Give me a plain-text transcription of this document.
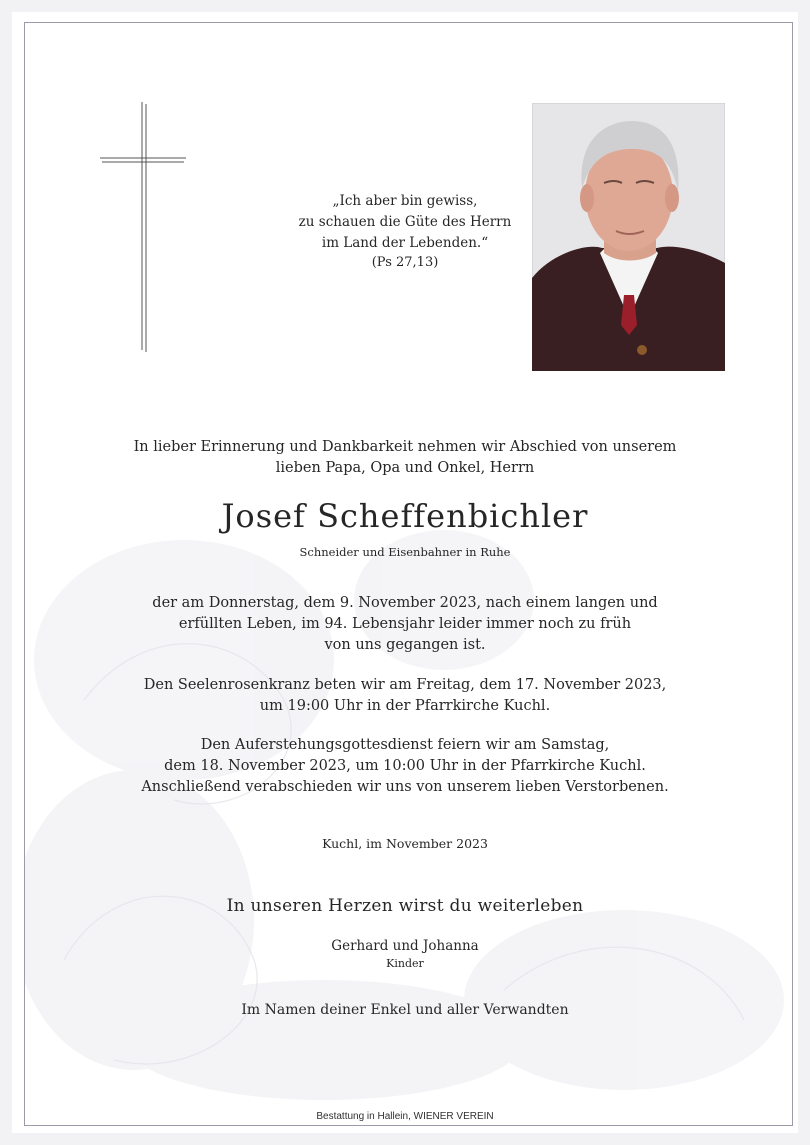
„Ich aber bin gewiss,
zu schauen die Güte des Herrn
im Land der Lebenden.“
(Ps 27,13)
In lieber Erinnerung und Dankbarkeit nehmen wir Abschied von unserem
lieben Papa, Opa und Onkel, Herrn
Josef Scheffenbichler
Schneider und Eisenbahner in Ruhe
der am Donnerstag, dem 9. November 2023, nach einem langen und
erfüllten Leben, im 94. Lebensjahr leider immer noch zu früh
von uns gegangen ist.
Den Seelenrosenkranz beten wir am Freitag, dem 17. November 2023,
um 19:00 Uhr in der Pfarrkirche Kuchl.
Den Auferstehungsgottesdienst feiern wir am Samstag,
dem 18. November 2023, um 10:00 Uhr in der Pfarrkirche Kuchl.
Anschließend verabschieden wir uns von unserem lieben Verstorbenen.
Kuchl, im November 2023
In unseren Herzen wirst du weiterleben
Gerhard und Johanna
Kinder
Im Namen deiner Enkel und aller Verwandten
Bestattung in Hallein, WIENER VEREIN
